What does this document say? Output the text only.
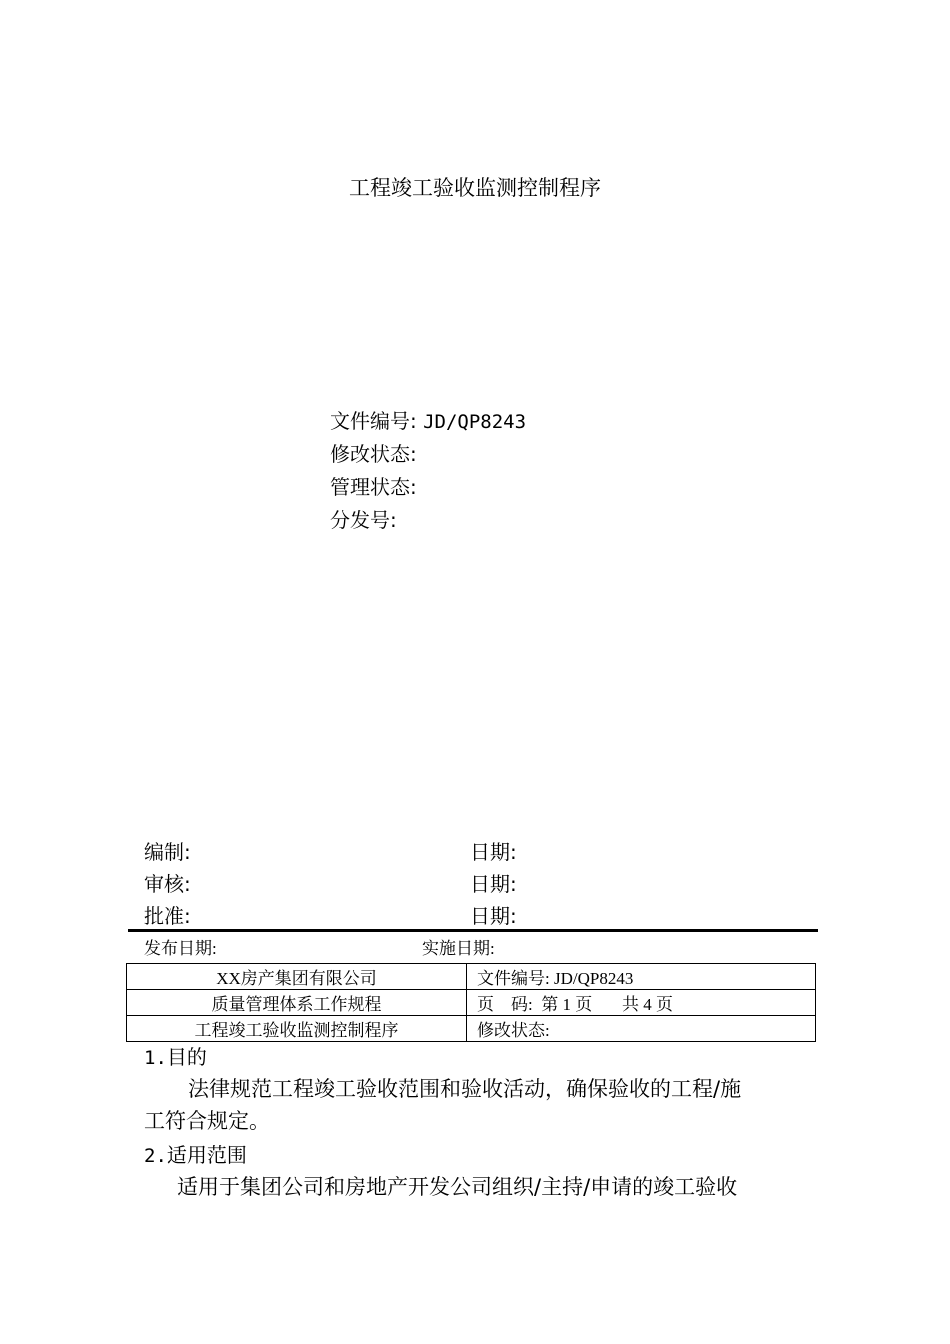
工程竣工验收监测控制程序
文件编号: JD/QP8243
修改状态:
管理状态:
分发号:
编制:	日期:
审核:	日期:
批准:	日期:
发布日期:	实施日期:
XX房产集团有限公司	文件编号: JD/QP8243
质量管理体系工作规程	页    码:  第 1 页       共 4 页
工程竣工验收监测控制程序	修改状态:
1.目的
法律规范工程竣工验收范围和验收活动，确保验收的工程/施
工符合规定。
2.适用范围
适用于集团公司和房地产开发公司组织/主持/申请的竣工验收
